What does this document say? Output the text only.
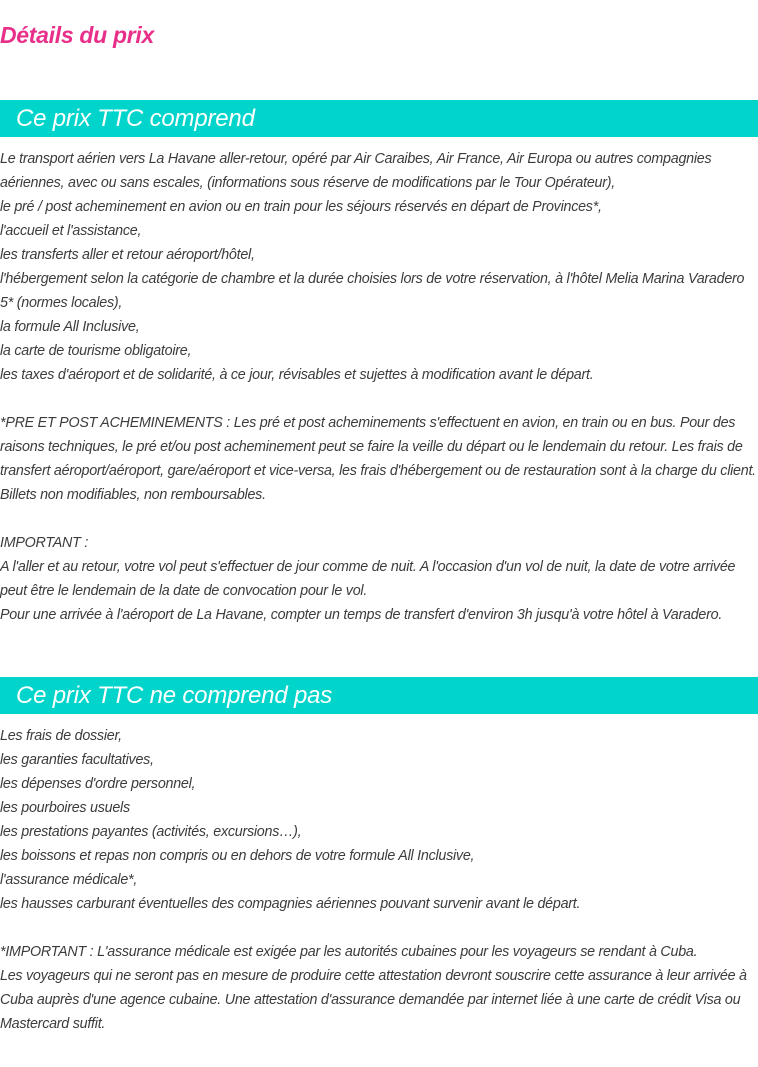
Détails du prix
Ce prix TTC comprend

Le transport aérien vers La Havane aller-retour, opéré par Air Caraibes, Air France, Air Europa ou autres compagnies aériennes, avec ou sans escales, (informations sous réserve de modifications par le Tour Opérateur),

le pré / post acheminement en avion ou en train pour les séjours réservés en départ de Provinces*,

l'accueil et l'assistance,

les transferts aller et retour aéroport/hôtel,

l'hébergement selon la catégorie de chambre et la durée choisies lors de votre réservation, à l'hôtel Melia Marina Varadero 5* (normes locales),

la formule All Inclusive,

la carte de tourisme obligatoire,

les taxes d'aéroport et de solidarité, à ce jour, révisables et sujettes à modification avant le départ.

*PRE ET POST ACHEMINEMENTS : Les pré et post acheminements s'effectuent en avion, en train ou en bus. Pour des raisons techniques, le pré et/ou post acheminement peut se faire la veille du départ ou le lendemain du retour. Les frais de transfert aéroport/aéroport, gare/aéroport et vice-versa, les frais d'hébergement ou de restauration sont à la charge du client. Billets non modifiables, non remboursables.

IMPORTANT :

A l'aller et au retour, votre vol peut s'effectuer de jour comme de nuit. A l'occasion d'un vol de nuit, la date de votre arrivée peut être le lendemain de la date de convocation pour le vol.

Pour une arrivée à l'aéroport de La Havane, compter un temps de transfert d'environ 3h jusqu'à votre hôtel à Varadero.

Ce prix TTC ne comprend pas

Les frais de dossier,

les garanties facultatives,

les dépenses d'ordre personnel,

les pourboires usuels

les prestations payantes (activités, excursions…),

les boissons et repas non compris ou en dehors de votre formule All Inclusive,

l'assurance médicale*,

les hausses carburant éventuelles des compagnies aériennes pouvant survenir avant le départ.

*IMPORTANT : L'assurance médicale est exigée par les autorités cubaines pour les voyageurs se rendant à Cuba.

Les voyageurs qui ne seront pas en mesure de produire cette attestation devront souscrire cette assurance à leur arrivée à Cuba auprès d'une agence cubaine. Une attestation d'assurance demandée par internet liée à une carte de crédit Visa ou Mastercard suffit.
